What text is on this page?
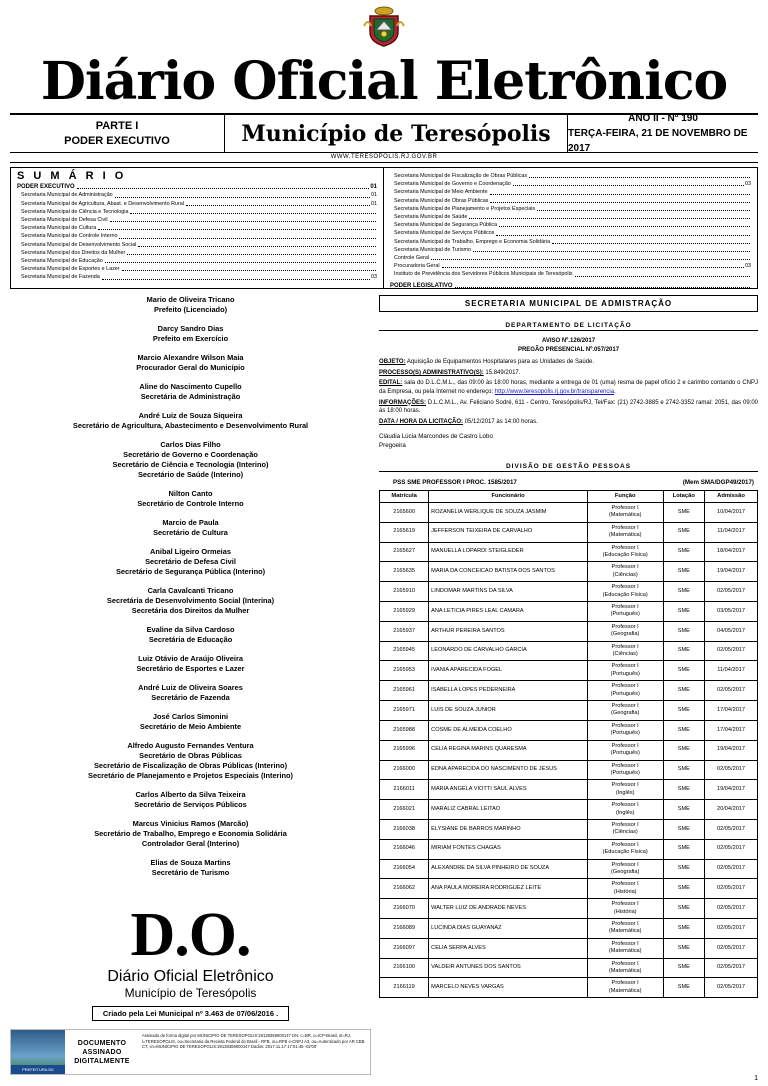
Diário Oficial Eletrônico
PARTE I
PODER EXECUTIVO	Município de Teresópolis
ANO II - Nº 190
TERÇA-FEIRA, 21 DE NOVEMBRO DE 2017
WWW.TERESOPOLIS.RJ.GOV.BR
S U M Á R I O
PODER EXECUTIVO	01
Secretaria Municipal de Administração	01
Secretaria Municipal de Agricultura, Abast. e Desenvolvimento Rural	01
Secretaria Municipal de Ciência e Tecnologia
Secretaria Municipal de Defesa Civil
Secretaria Municipal de Cultura
Secretaria Municipal de Controle Interno
Secretaria Municipal de Desenvolvimento Social
Secretaria Municipal dos Direitos da Mulher
Secretaria Municipal de Educação
Secretaria Municipal de Esportes e Lazer
Secretaria Municipal de Fazenda	03
Secretaria Municipal de Fiscalização de Obras Públicas
Secretaria Municipal de Governo e Coordenação	03
Secretaria Municipal de Meio Ambiente
Secretaria Municipal de Obras Públicas
Secretaria Municipal de Planejamento e Projetos Especiais
Secretaria Municipal de Saúde
Secretaria Municipal de Segurança Pública
Secretaria Municipal de Serviços Públicos
Secretaria Municipal de Trabalho, Emprego e Economia Solidária
Secretaria Municipal de Turismo
Controle Geral
Procuradoria Geral	03
Instituto de Previdência dos Servidores Públicos Municipais de Teresópolis
PODER LEGISLATIVO
Mario de Oliveira Tricano
Prefeito (Licenciado)
Darcy Sandro Dias
Prefeito em Exercício
Marcio Alexandre Wilson Maia
Procurador Geral do Município
Aline do Nascimento Cupello
Secretária de Administração
André Luiz de Souza Siqueira
Secretário de Agricultura, Abastecimento e Desenvolvimento Rural
Carlos Dias Filho
Secretário de Governo e Coordenação
Secretário de Ciência e Tecnologia (Interino)
Secretário de Saúde (Interino)
Nilton Canto
Secretário de Controle Interno
Marcio de Paula
Secretário de Cultura
Anibal Ligeiro Ormeias
Secretário de Defesa Civil
Secretário de Segurança Pública (Interino)
Carla Cavalcanti Tricano
Secretária de Desenvolvimento Social (Interina)
Secretária dos Direitos da Mulher
Evaline da Silva Cardoso
Secretária de Educação
Luiz Otávio de Araújo Oliveira
Secretário de Esportes e Lazer
André Luiz de Oliveira Soares
Secretário de Fazenda
José Carlos Simonini
Secretário de Meio Ambiente
Alfredo Augusto Fernandes Ventura
Secretário de Obras Públicas
Secretário de Fiscalização de Obras Públicas (Interino)
Secretário de Planejamento e Projetos Especiais (Interino)
Carlos Alberto da Silva Teixeira
Secretário de Serviços Públicos
Marcus Vinicius Ramos (Marcão)
Secretário de Trabalho, Emprego e Economia Solidária
Controlador Geral (Interino)
Elias de Souza Martins
Secretário de Turismo
D.O.
Diário Oficial Eletrônico
Município de Teresópolis
Criado pela Lei Municipal nº 3.463 de 07/06/2016 .
PREFEITURA DE TERESÓPOLIS
DOCUMENTO
ASSINADO
DIGITALMENTE
Assinado de forma digital por MUNICIPIO DE TERESOPOLIS:29138369000147 DN: c=BR, o=ICP-Brasil, st=RJ, l=TERESOPOLIS, ou=Secretaria da Receita Federal do Brasil - RFB, ou=RFB e-CNPJ A3, ou=Autenticado por AR CBB CT, cn=MUNICIPIO DE TERESOPOLIS:29138369000147 Dados: 2017.11.17 17:01:45 -02'00'
SECRETARIA MUNICIPAL DE ADMISTRAÇÃO
DEPARTAMENTO DE LICITAÇÃO
AVISO Nº.126/2017
PREGÃO PRESENCIAL Nº.057/2017

OBJETO: Aquisição de Equipamentos Hospitalares para as Unidades de Saúde.

PROCESSO(S) ADMINISTRATIVO(S): 15.849/2017.

EDITAL: sala do D.L.C.M.L., das 09:00 às 18:00 horas, mediante a entrega de 01 (uma) resma de papel ofício 2 e carimbo contando o CNPJ da Empresa, ou pela Internet no endereço: http://www.teresopolis.rj.gov.br/transparencia.

INFORMAÇÕES: D.L.C.M.L., Av. Feliciano Sodré, 611 - Centro, Teresópolis/RJ, Tel/Fax: (21) 2742-3885 e 2742-3352 ramal: 2051, das 09:00 às 18:00 horas.

DATA / HORA DA LICITAÇÃO: 05/12/2017 às 14:00 horas.

Cláudia Lúcia Marcondes de Castro Lobo
Pregoeira
DIVISÃO DE GESTÃO PESSOAS
PSS SME PROFESSOR I PROC. 1585/2017	(Mem SMA/DGP49/2017)
Matrícula	Funcionário	Função	Lotação	Admissão
2165600	ROZANELIA WERLIQUE DE SOUZA JASMIM	Professor I
(Matemática)	SME	10/04/2017
2165619	JEFFERSON TEIXEIRA DE CARVALHO	Professor I
(Matemática)	SME	11/04/2017
2165627	MANUELLA LOPARDI STEIGLEDER	Professor I
(Educação Física)	SME	18/04/2017
2165635	MARIA DA CONCEICAO BATISTA DOS SANTOS	Professor I
(Ciências)	SME	19/04/2017
2165910	LINDOMAR MARTINS DA SILVA	Professor I
(Educação Física)	SME	02/05/2017
2165929	ANA LETICIA PIRES LEAL CAMARA	Professor I
(Português)	SME	03/05/2017
2165937	ARTHUR PEREIRA SANTOS	Professor I
(Geografia)	SME	04/05/2017
2165945	LEONARDO DE CARVALHO GARCIA	Professor I
(Ciências)	SME	02/05/2017
2165953	IVANIA APARECIDA FOGEL	Professor I
(Português)	SME	11/04/2017
2165961	ISABELLA LOPES PEDERNEIRA	Professor I
(Português)	SME	02/05/2017
2165971	LUIS DE SOUZA JUNIOR	Professor I
(Geografia)	SME	17/04/2017
2165988	COSME DE ALMEIDA COELHO	Professor I
(Português)	SME	17/04/2017
2165996	CELIA REGINA MARINS QUARESMA	Professor I
(Português)	SME	19/04/2017
2166000	EDNA APARECIDA DO NASCIMENTO DE JESUS	Professor I
(Português)	SME	02/05/2017
2166011	MARIA ANGELA VIOTTI SAUL ALVES	Professor I
(Inglês)	SME	19/04/2017
2166021	MARALIZ CABRAL LEITAO	Professor I
(Inglês)	SME	20/04/2017
2166038	ELYSIANE DE BARROS MARINHO	Professor I
(Ciências)	SME	02/05/2017
2166046	MIRIAM FONTES CHAGAS	Professor I
(Educação Física)	SME	02/05/2017
2166054	ALEXANDRE DA SILVA PINHEIRO DE SOUZA	Professor I
(Geografia)	SME	02/05/2017
2166062	ANA PAULA MOREIRA RODRIGUEZ LEITE	Professor I
(História)	SME	02/05/2017
2166070	WALTER LUIZ DE ANDRADE NEVES	Professor I
(História)	SME	02/05/2017
2166089	LUCINDA DIAS GUAYANAZ	Professor I
(Matemática)	SME	02/05/2017
2166097	CELIA SERPA ALVES	Professor I
(Matemática)	SME	02/05/2017
2166100	VALDEIR ANTUNES DOS SANTOS	Professor I
(Matemática)	SME	02/05/2017
2166119	MARCELO NEVES VARGAS	Professor I
(Matemática)	SME	02/05/2017
1
